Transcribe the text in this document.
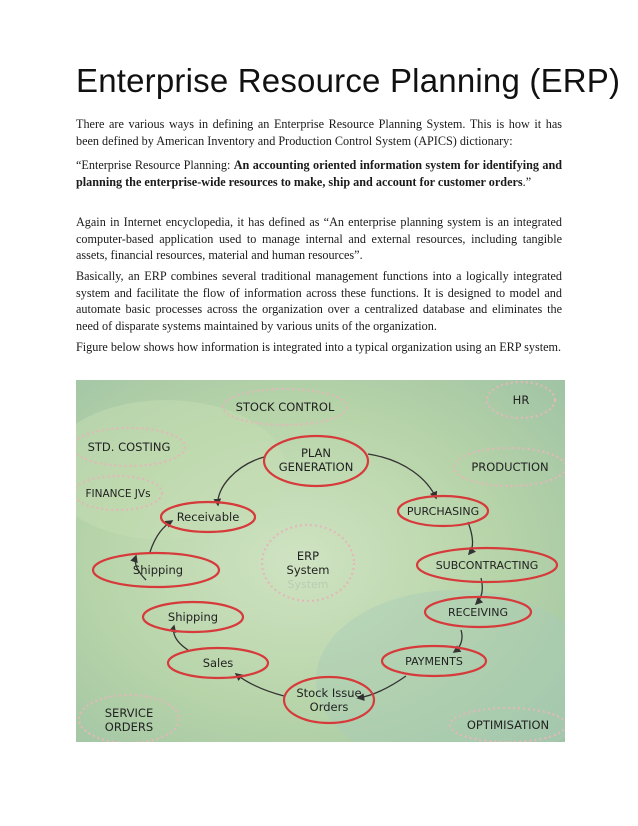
Enterprise Resource Planning (ERP)

There are various ways in defining an Enterprise Resource Planning System. This is how it has been defined by American Inventory and Production Control System (APICS) dictionary:

“Enterprise Resource Planning: An accounting oriented information system for identifying and planning the enterprise-wide resources to make, ship and account for customer orders.”

Again in Internet encyclopedia, it has defined as “An enterprise planning system is an integrated computer-based application used to manage internal and external resources, including tangible assets, financial resources, material and human resources”.

Basically, an ERP combines several traditional management functions into a logically integrated system and facilitate the flow of information across these functions. It is designed to model and automate basic processes across the organization over a centralized database and eliminates the need of disparate systems maintained by various units of the organization.

Figure below shows how information is integrated into a typical organization using an ERP system.

STOCK CONTROL	HR
STD. COSTING
PRODUCTION
FINANCE JVs
SERVICE
ORDERS	OPTIMISATION
ERP
System
System
PLAN
GENERATION
Receivable	PURCHASING
Shipping	SUBCONTRACTING
Shipping	RECEIVING
Sales	PAYMENTS
Stock Issue
Orders
